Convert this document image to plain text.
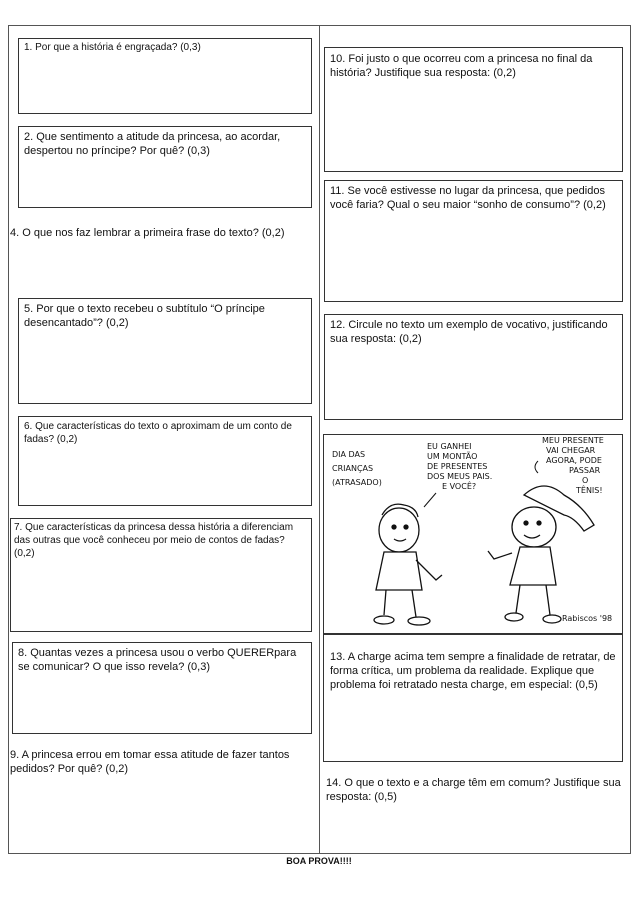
1. Por que a história é engraçada? (0,3)
2. Que sentimento a atitude da princesa, ao acordar, despertou no príncipe? Por quê? (0,3)
4. O que nos faz lembrar a primeira frase do texto? (0,2)
5. Por que o texto recebeu o subtítulo “O príncipe desencantado”? (0,2)
6. Que características do texto o aproximam de um conto de fadas? (0,2)
7. Que características da princesa dessa história a diferenciam das outras que você conheceu por meio de contos de fadas? (0,2)
8. Quantas vezes a princesa usou o verbo QUERERpara se comunicar? O que isso revela? (0,3)
9. A princesa errou em tomar essa atitude de fazer tantos pedidos? Por quê? (0,2)
10. Foi justo o que ocorreu com a princesa no final da história? Justifique sua resposta: (0,2)
11. Se você estivesse no lugar da princesa, que pedidos você faria? Qual o seu maior “sonho de consumo”? (0,2)
12. Circule no texto um exemplo de vocativo, justificando sua resposta: (0,2)
DIA DAS
CRIANÇAS
(ATRASADO)
EU GANHEI
UM MONTÃO
DE PRESENTES
DOS MEUS PAIS.
E VOCÊ?
MEU PRESENTE
VAI CHEGAR
AGORA, PODE
PASSAR
O
TÊNIS!
Rabiscos '98
13. A charge acima tem sempre a finalidade de retratar, de forma crítica, um problema da realidade. Explique que problema foi retratado nesta charge, em especial: (0,5)
14. O que o texto e a charge têm em comum? Justifique sua resposta: (0,5)
BOA PROVA!!!!
